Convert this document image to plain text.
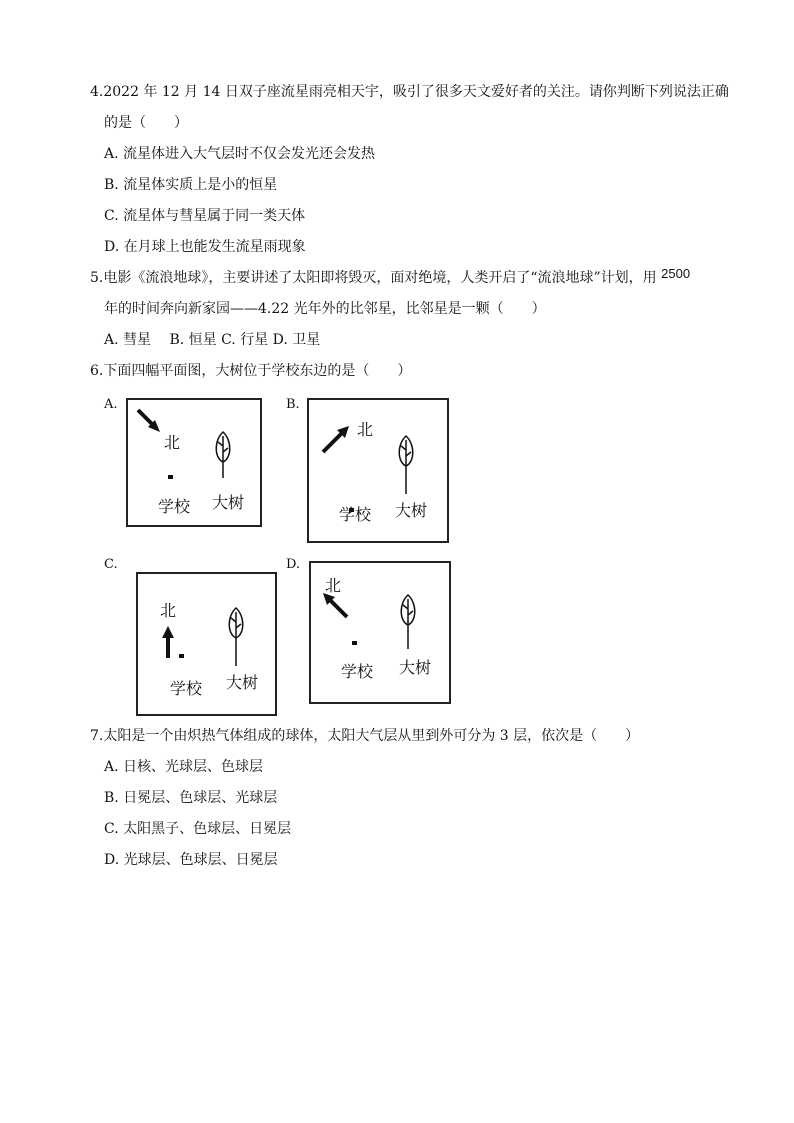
4.2022 年 12 月 14 日双子座流星雨亮相天宇，吸引了很多天文爱好者的关注。请你判断下列说法正确
的是（　　）
A. 流星体进入大气层时不仅会发光还会发热
B. 流星体实质上是小的恒星
C. 流星体与彗星属于同一类天体
D. 在月球上也能发生流星雨现象
5.电影《流浪地球》，主要讲述了太阳即将毁灭，面对绝境，人类开启了“流浪地球”计划，用 2500
年的时间奔向新家园——4.22 光年外的比邻星，比邻星是一颗（　　）
A. 彗星　 B. 恒星 C. 行星 D. 卫星
6.下面四幅平面图，大树位于学校东边的是（　　）
A.
北
学校 大树
B.
北
学校 大树
C.
北
学校 大树
D.
北
学校 大树
7.太阳是一个由炽热气体组成的球体，太阳大气层从里到外可分为 3 层，依次是（　　）
A. 日核、光球层、色球层
B. 日冕层、色球层、光球层
C. 太阳黑子、色球层、日冕层
D. 光球层、色球层、日冕层
